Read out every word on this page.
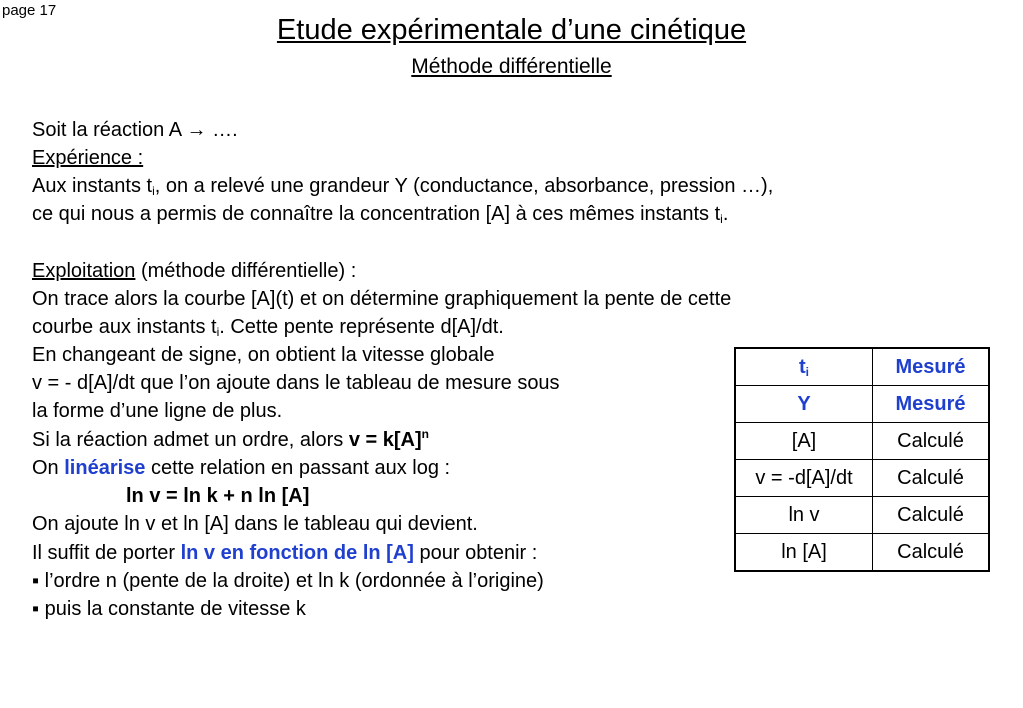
page 17
Etude expérimentale d’une cinétique
Méthode différentielle
Soit la réaction A → ….
Expérience :
Aux instants $t_i$, on a relevé une grandeur Y (conductance, absorbance, pression …),
ce qui nous a permis de connaître la concentration [A] à ces mêmes instants $t_i$.
Exploitation (méthode différentielle) :
On trace alors la courbe [A](t) et on détermine graphiquement la pente de cette
courbe aux instants $t_i$. Cette pente représente d[A]/dt.
En changeant de signe, on obtient la vitesse globale
v = - d[A]/dt que l’on ajoute dans le tableau de mesure sous
la forme d’une ligne de plus.
Si la réaction admet un ordre, alors $v = k[A]^n$
On linéarise cette relation en passant aux log :
ln v = ln k + n ln [A]
On ajoute ln v et ln [A] dans le tableau qui devient.
Il suffit de porter ln v en fonction de ln [A] pour obtenir :
▪ l’ordre n (pente de la droite) et ln k (ordonnée à l’origine)
▪ puis la constante de vitesse k
$t_i$	Mesuré
Y	Mesuré
[A]	Calculé
v = -d[A]/dt	Calculé
ln v	Calculé
ln [A]	Calculé
